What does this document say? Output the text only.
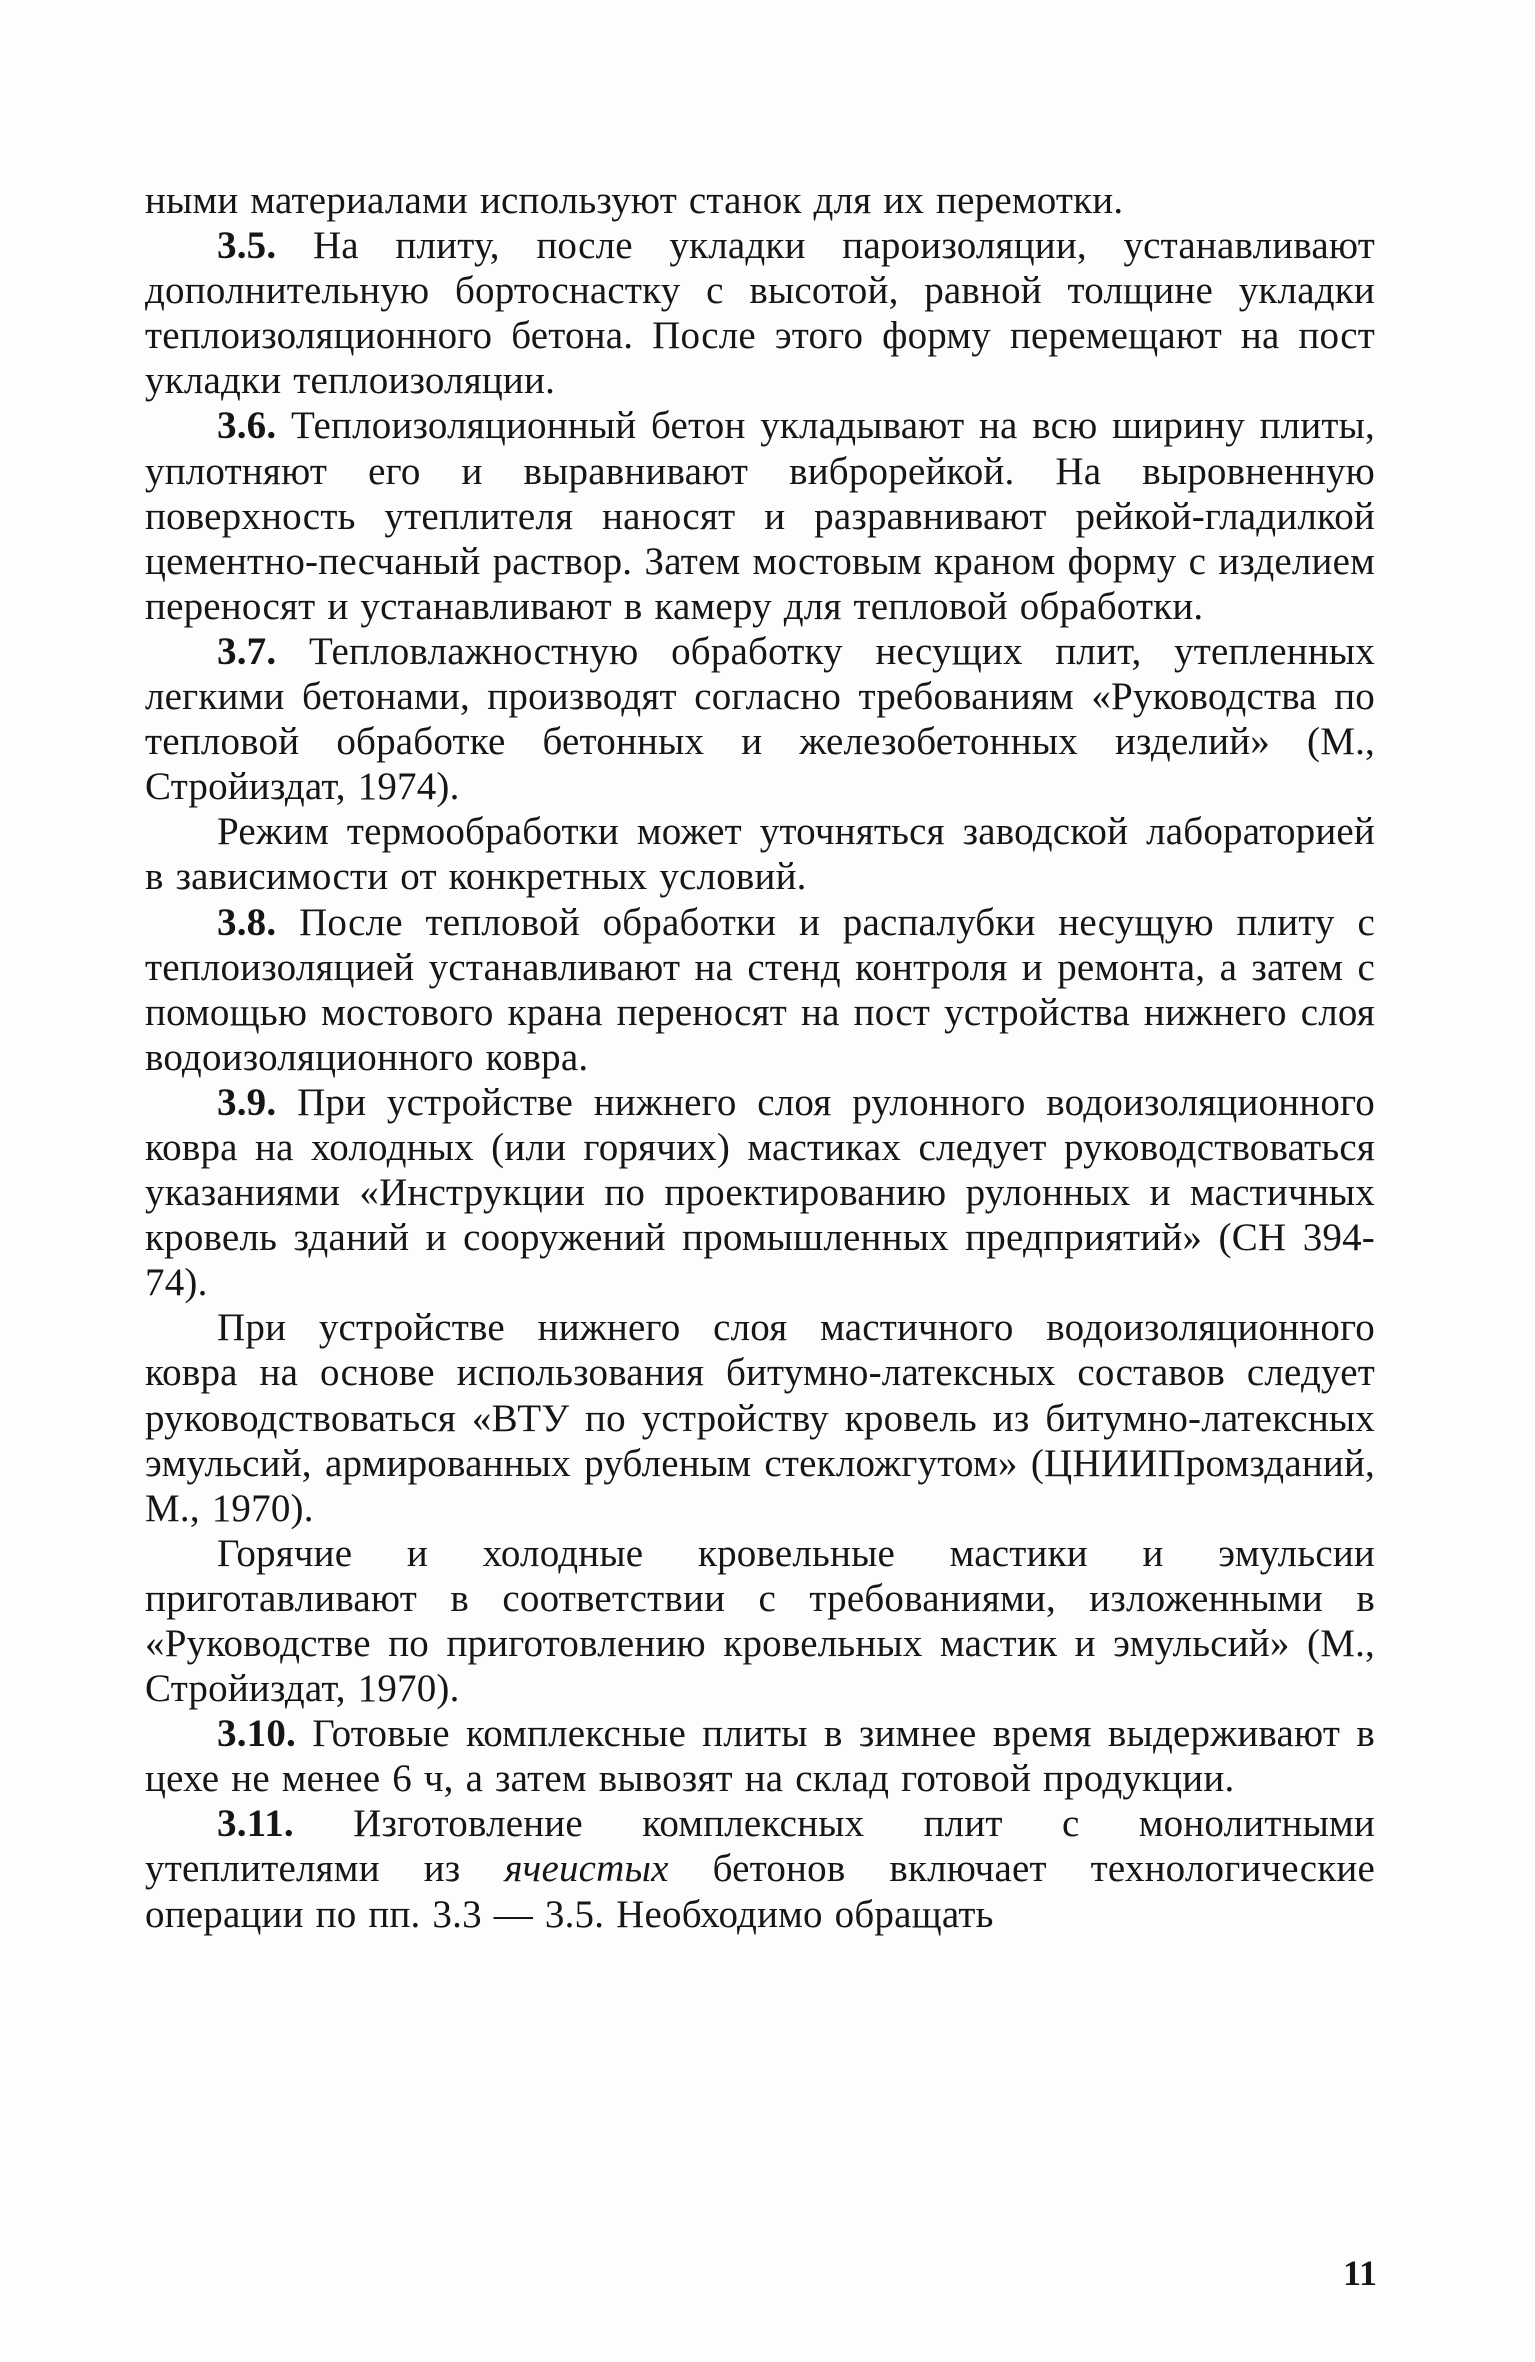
ными материалами используют станок для их перемотки.

3.5. На плиту, после укладки пароизоляции, устанавливают дополнительную бортоснастку с высотой, равной толщине укладки теплоизоляционного бетона. После этого форму перемещают на пост укладки теплоизоляции.

3.6. Теплоизоляционный бетон укладывают на всю ширину плиты, уплотняют его и выравнивают виброрейкой. На выровненную поверхность утеплителя наносят и разравнивают рейкой-гладилкой цементно-песчаный раствор. Затем мостовым краном форму с изделием переносят и устанавливают в камеру для тепловой обработки.

3.7. Тепловлажностную обработку несущих плит, утепленных легкими бетонами, производят согласно требованиям «Руководства по тепловой обработке бетонных и железобетонных изделий» (М., Стройиздат, 1974).

Режим термообработки может уточняться заводской лабораторией в зависимости от конкретных условий.

3.8. После тепловой обработки и распалубки несущую плиту с теплоизоляцией устанавливают на стенд контроля и ремонта, а затем с помощью мостового крана переносят на пост устройства нижнего слоя водоизоляционного ковра.

3.9. При устройстве нижнего слоя рулонного водоизоляционного ковра на холодных (или горячих) мастиках следует руководствоваться указаниями «Инструкции по проектированию рулонных и мастичных кровель зданий и сооружений промышленных предприятий» (СН 394-74).

При устройстве нижнего слоя мастичного водоизоляционного ковра на основе использования битумно-латексных составов следует руководствоваться «ВТУ по устройству кровель из битумно-латексных эмульсий, армированных рубленым стекложгутом» (ЦНИИПромзданий, М., 1970).

Горячие и холодные кровельные мастики и эмульсии приготавливают в соответствии с требованиями, изложенными в «Руководстве по приготовлению кровельных мастик и эмульсий» (М., Стройиздат, 1970).

3.10. Готовые комплексные плиты в зимнее время выдерживают в цехе не менее 6 ч, а затем вывозят на склад готовой продукции.

3.11. Изготовление комплексных плит с монолитными утеплителями из ячеистых бетонов включает технологические операции по пп. 3.3 — 3.5. Необходимо обращать

11
